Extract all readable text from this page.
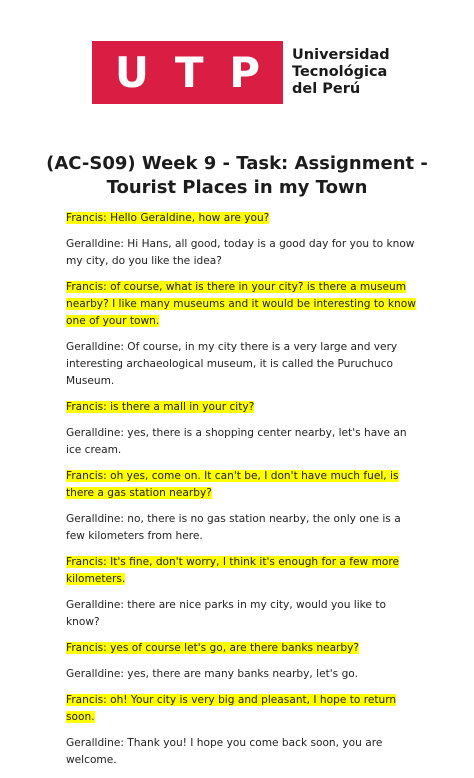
U T P Universidad
Tecnológica
del Perú
(AC-S09) Week 9 - Task: Assignment - Tourist Places in my Town

Francis: Hello Geraldine, how are you?

Geralldine: Hi Hans, all good, today is a good day for you to know my city, do you like the idea?

Francis: of course, what is there in your city? is there a museum nearby? I like many museums and it would be interesting to know one of your town.

Geralldine: Of course, in my city there is a very large and very interesting archaeological museum, it is called the Puruchuco Museum.

Francis: is there a mall in your city?

Geralldine: yes, there is a shopping center nearby, let's have an ice cream.

Francis: oh yes, come on. It can't be, I don't have much fuel, is there a gas station nearby?

Geralldine: no, there is no gas station nearby, the only one is a few kilometers from here.

Francis: It's fine, don't worry, I think it's enough for a few more kilometers.

Geralldine: there are nice parks in my city, would you like to know?

Francis: yes of course let's go, are there banks nearby?

Geralldine: yes, there are many banks nearby, let's go.

Francis: oh! Your city is very big and pleasant, I hope to return soon.

Geralldine: Thank you! I hope you come back soon, you are welcome.
